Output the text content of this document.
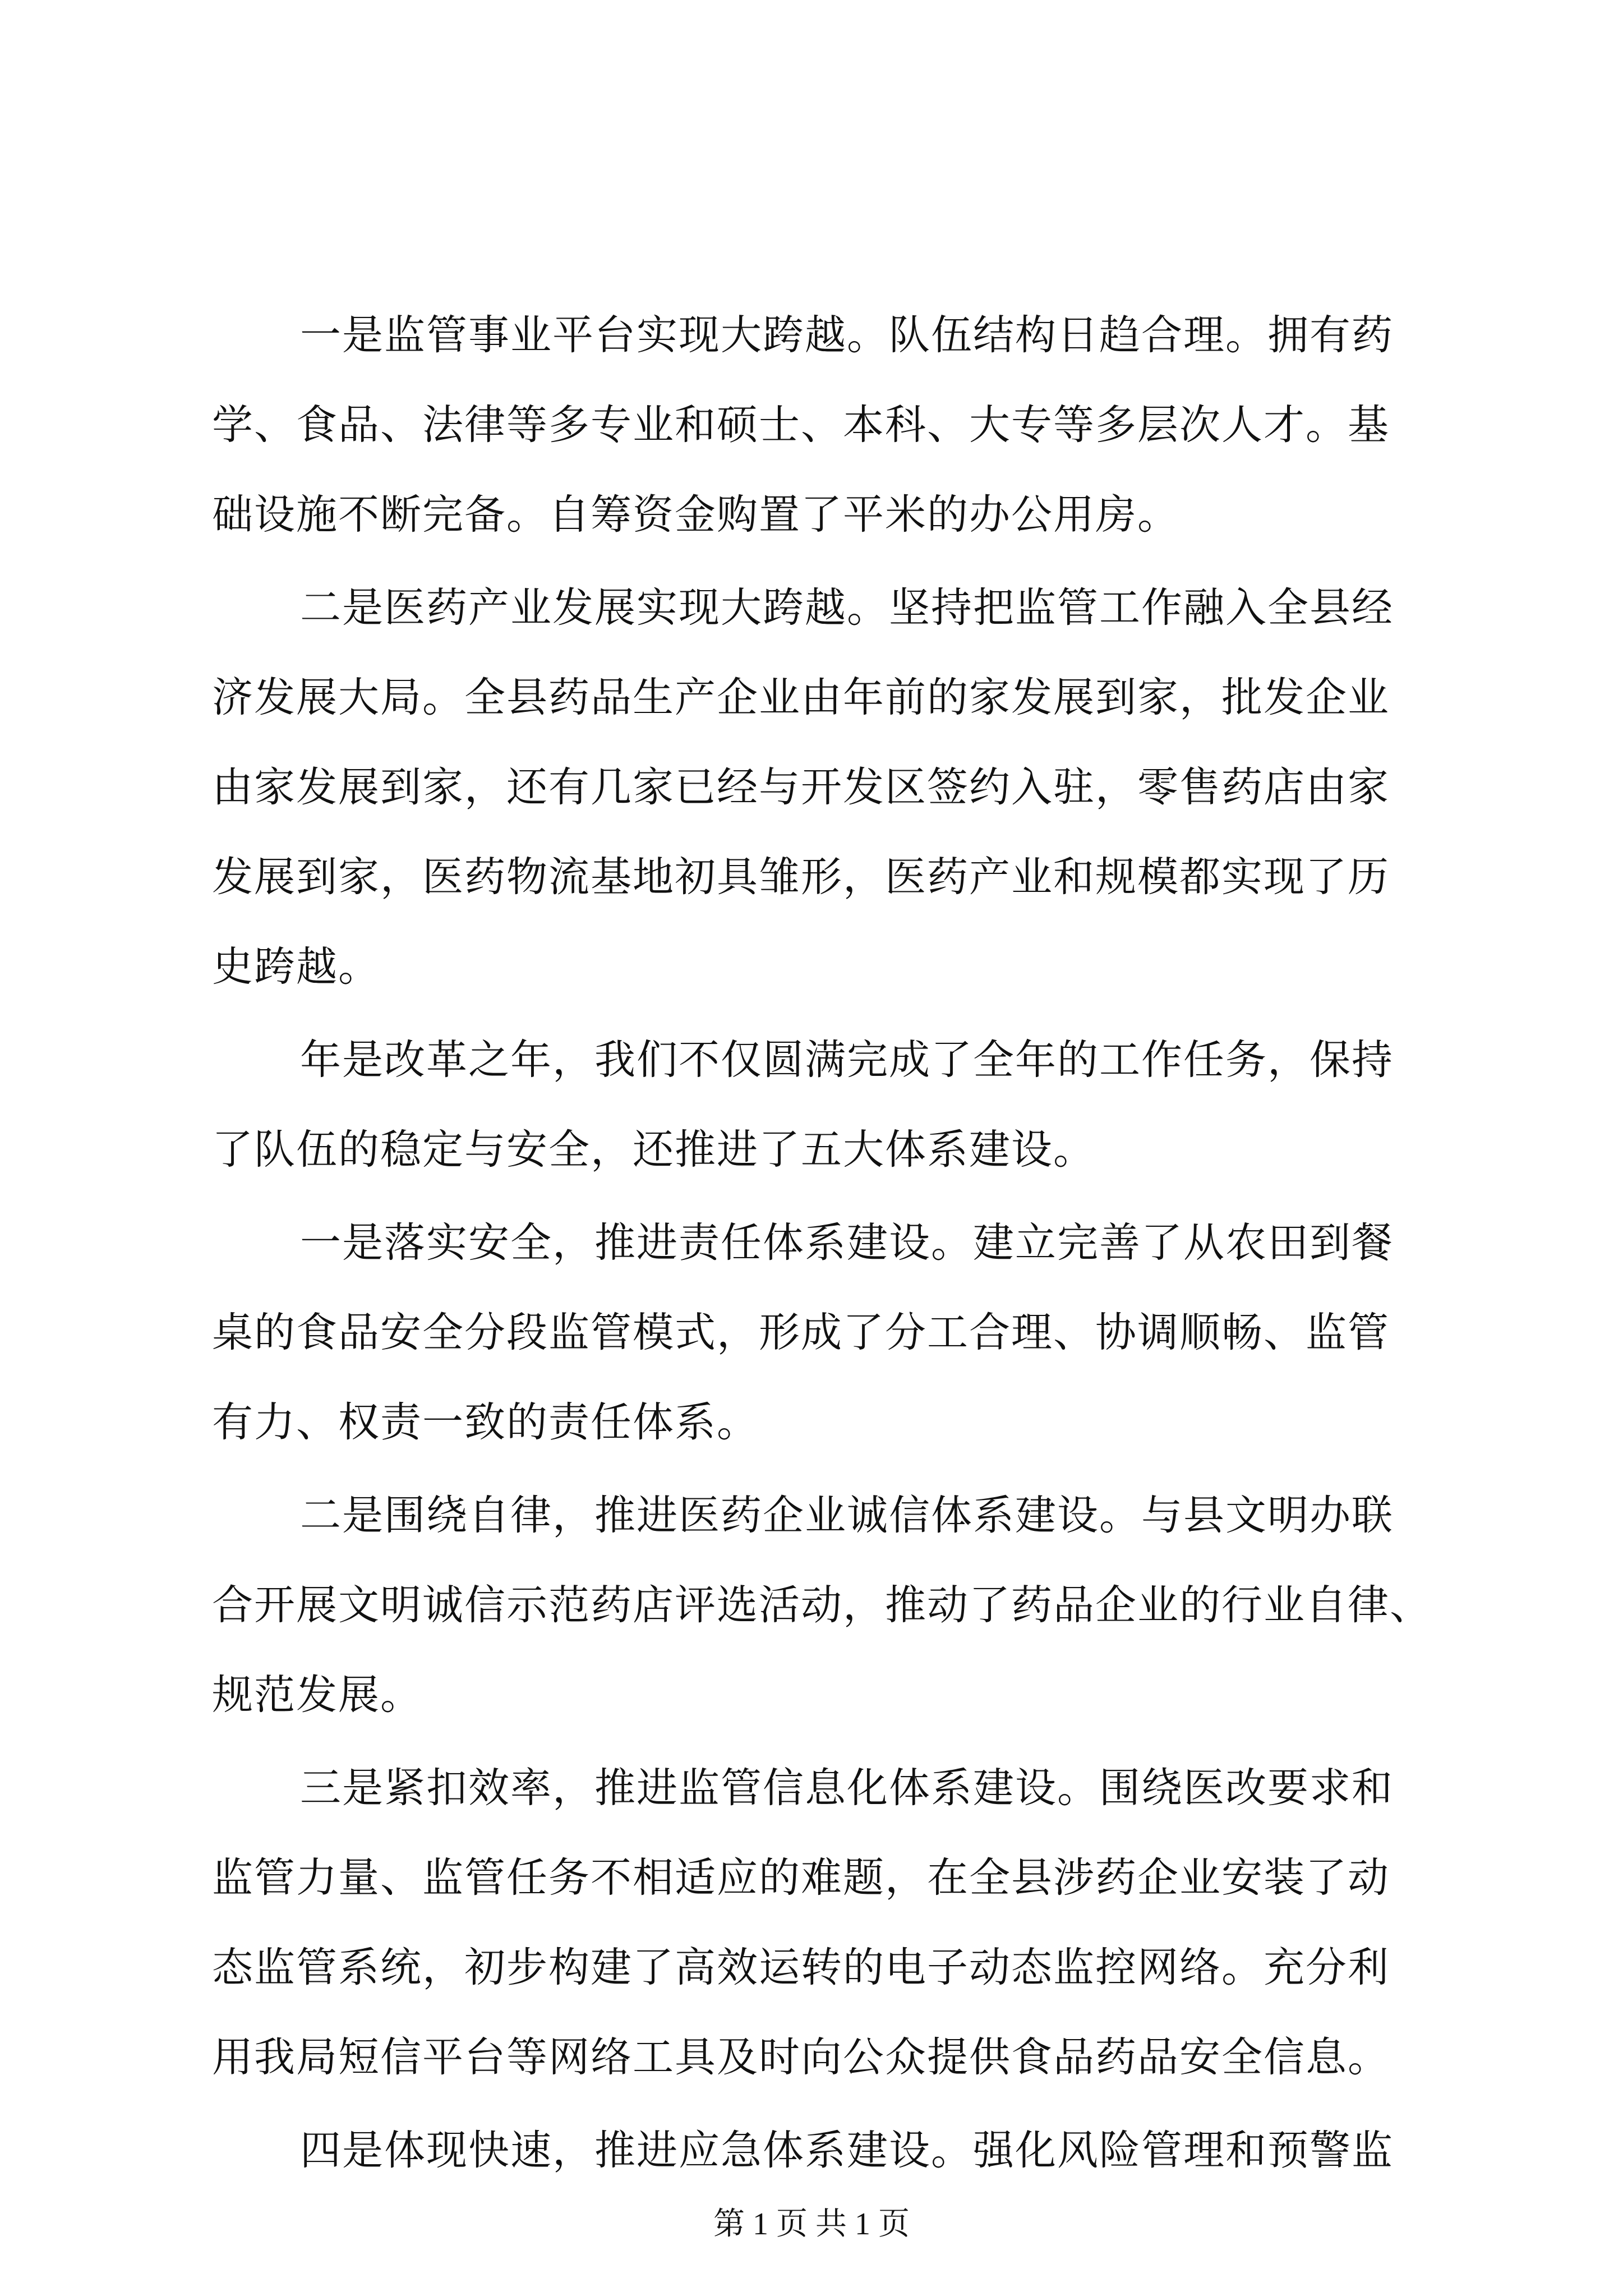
一是监管事业平台实现大跨越。队伍结构日趋合理。拥有药
学、食品、法律等多专业和硕士、本科、大专等多层次人才。基
础设施不断完备。自筹资金购置了平米的办公用房。
二是医药产业发展实现大跨越。坚持把监管工作融入全县经
济发展大局。全县药品生产企业由年前的家发展到家，批发企业
由家发展到家，还有几家已经与开发区签约入驻，零售药店由家
发展到家，医药物流基地初具雏形，医药产业和规模都实现了历
史跨越。
年是改革之年，我们不仅圆满完成了全年的工作任务，保持
了队伍的稳定与安全，还推进了五大体系建设。
一是落实安全，推进责任体系建设。建立完善了从农田到餐
桌的食品安全分段监管模式，形成了分工合理、协调顺畅、监管
有力、权责一致的责任体系。
二是围绕自律，推进医药企业诚信体系建设。与县文明办联
合开展文明诚信示范药店评选活动，推动了药品企业的行业自律、
规范发展。
三是紧扣效率，推进监管信息化体系建设。围绕医改要求和
监管力量、监管任务不相适应的难题，在全县涉药企业安装了动
态监管系统，初步构建了高效运转的电子动态监控网络。充分利
用我局短信平台等网络工具及时向公众提供食品药品安全信息。
四是体现快速，推进应急体系建设。强化风险管理和预警监
第 1 页 共 1 页
